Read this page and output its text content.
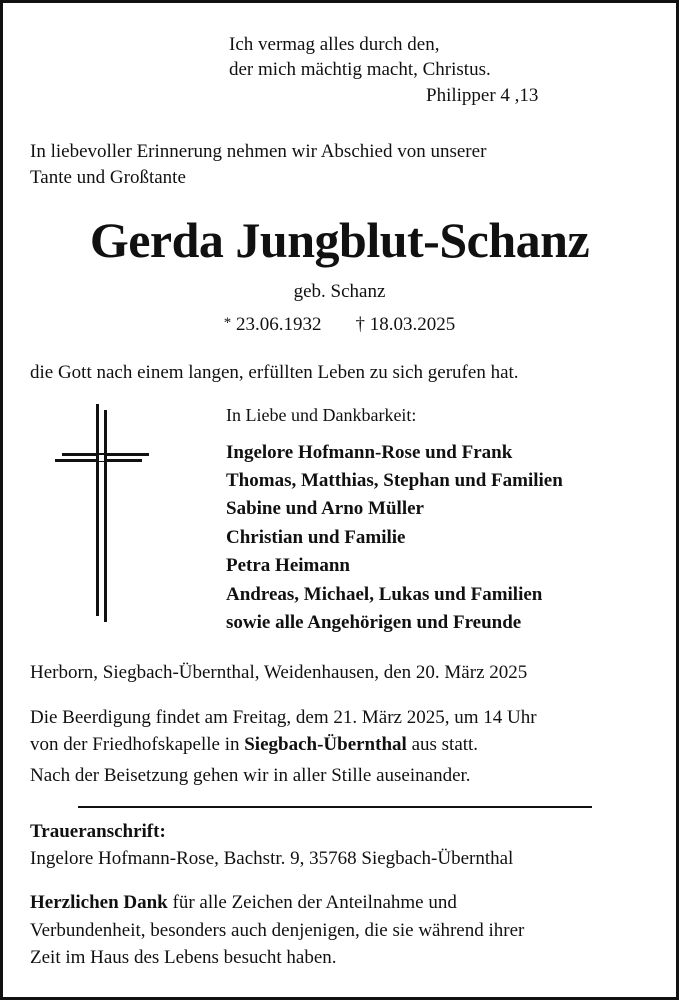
Ich vermag alles durch den,
der mich mächtig macht, Christus.
Philipper 4 ,13
In liebevoller Erinnerung nehmen wir Abschied von unserer
Tante und Großtante
Gerda Jungblut-Schanz
geb. Schanz
* 23.06.1932 † 18.03.2025
die Gott nach einem langen, erfüllten Leben zu sich gerufen hat.
In Liebe und Dankbarkeit:
Ingelore Hofmann-Rose und Frank
Thomas, Matthias, Stephan und Familien
Sabine und Arno Müller
Christian und Familie
Petra Heimann
Andreas, Michael, Lukas und Familien
sowie alle Angehörigen und Freunde
Herborn, Siegbach-Übernthal, Weidenhausen, den 20. März 2025
Die Beerdigung findet am Freitag, dem 21. März 2025, um 14 Uhr
von der Friedhofskapelle in Siegbach-Übernthal aus statt.
Nach der Beisetzung gehen wir in aller Stille auseinander.
Traueranschrift:
Ingelore Hofmann-Rose, Bachstr. 9, 35768 Siegbach-Übernthal
Herzlichen Dank für alle Zeichen der Anteilnahme und
Verbundenheit, besonders auch denjenigen, die sie während ihrer
Zeit im Haus des Lebens besucht haben.
